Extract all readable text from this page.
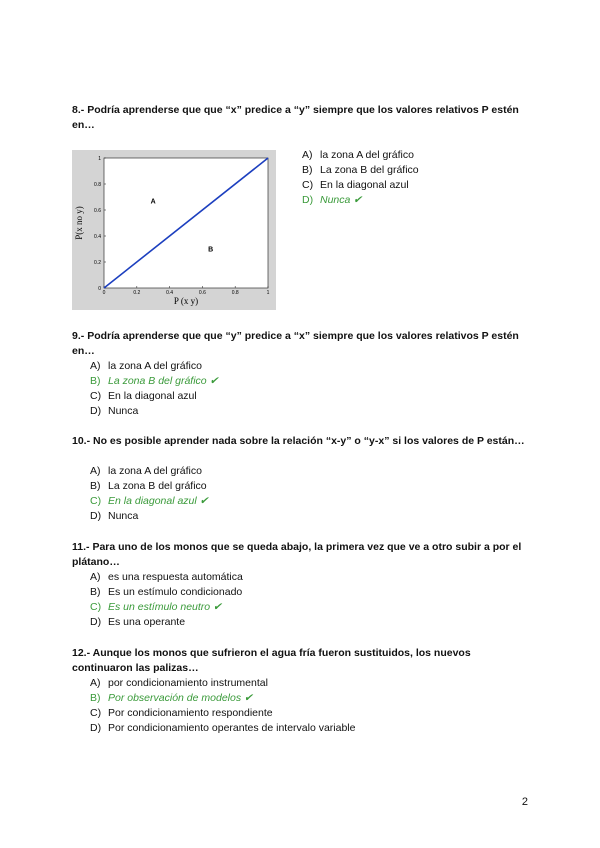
8.- Podría aprenderse que que “x” predice a “y” siempre que los valores relativos P estén en…
0	0.2	0.4	0.6	0.8	1
0
0.2
0.4
0.6
0.8
1
A
B
P (x y)
P(x no y)
A) la zona A del gráfico
B) La zona B del gráfico
C) En la diagonal azul
D) Nunca ✔
9.- Podría aprenderse que que “y” predice a “x” siempre que los valores relativos P estén en…
A) la zona A del gráfico
B) La zona B del gráfico ✔
C) En la diagonal azul
D) Nunca
10.- No es posible aprender nada sobre la relación “x-y” o “y-x” si los valores de P están…
A) la zona A del gráfico
B) La zona B del gráfico
C) En la diagonal azul ✔
D) Nunca
11.- Para uno de los monos que se queda abajo, la primera vez que ve a otro subir a por el plátano…
A) es una respuesta automática
B) Es un estímulo condicionado
C) Es un estímulo neutro ✔
D) Es una operante
12.- Aunque los monos que sufrieron el agua fría fueron sustituidos, los nuevos continuaron las palizas…
A) por condicionamiento instrumental
B) Por observación de modelos ✔
C) Por condicionamiento respondiente
D) Por condicionamiento operantes de intervalo variable
2
